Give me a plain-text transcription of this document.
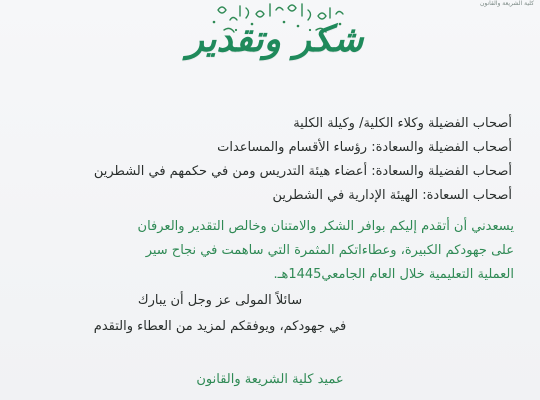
كلية الشريعة والقانون
شكر وتقدير
أصحاب الفضيلة وكلاء الكلية/ وكيلة الكلية
أصحاب الفضيلة والسعادة: رؤساء الأقسام والمساعدات
أصحاب الفضيلة والسعادة: أعضاء هيئة التدريس ومن في حكمهم في الشطرين
أصحاب السعادة: الهيئة الإدارية في الشطرين

يسعدني أن أتقدم إليكم بوافر الشكر والامتنان وخالص التقدير والعرفان

على جهودكم الكبيرة، وعطاءاتكم المثمرة التي ساهمت في نجاح سير

العملية التعليمية خلال العام الجامعي1445هـ.

سائلاً المولى عز وجل أن يبارك
في جهودكم، ويوفقكم لمزيد من العطاء والتقدم
عميد كلية الشريعة والقانون
